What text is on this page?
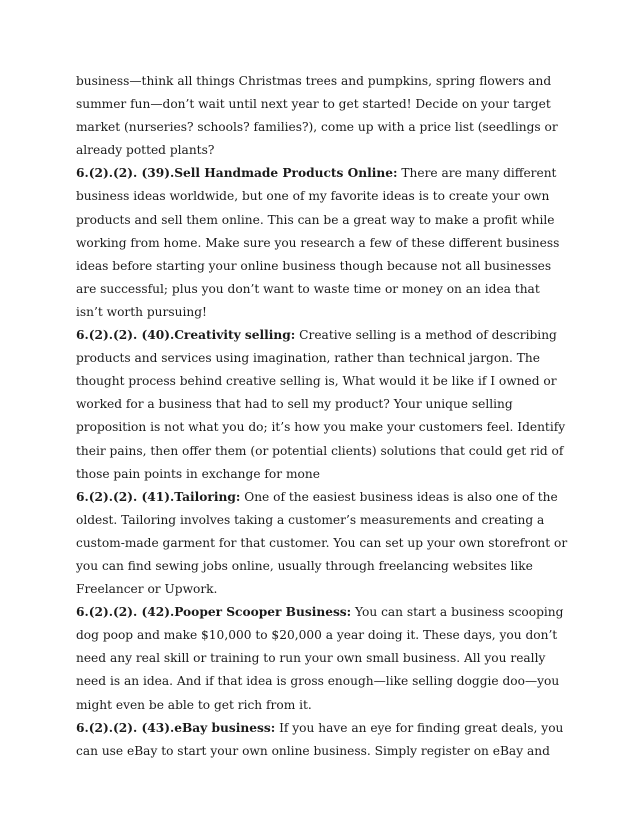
business—think all things Christmas trees and pumpkins, spring flowers and summer fun—don’t wait until next year to get started! Decide on your target market (nurseries? schools? families?), come up with a price list (seedlings or already potted plants?

6.(2).(2). (39).Sell Handmade Products Online: There are many different business ideas worldwide, but one of my favorite ideas is to create your own products and sell them online. This can be a great way to make a profit while working from home. Make sure you research a few of these different business ideas before starting your online business though because not all businesses are successful; plus you don’t want to waste time or money on an idea that isn’t worth pursuing!

6.(2).(2). (40).Creativity selling: Creative selling is a method of describing products and services using imagination, rather than technical jargon. The thought process behind creative selling is, What would it be like if I owned or worked for a business that had to sell my product? Your unique selling proposition is not what you do; it’s how you make your customers feel. Identify their pains, then offer them (or potential clients) solutions that could get rid of those pain points in exchange for mone

6.(2).(2). (41).Tailoring: One of the easiest business ideas is also one of the oldest. Tailoring involves taking a customer’s measurements and creating a custom-made garment for that customer. You can set up your own storefront or you can find sewing jobs online, usually through freelancing websites like Freelancer or Upwork.

6.(2).(2). (42).Pooper Scooper Business: You can start a business scooping dog poop and make $10,000 to $20,000 a year doing it. These days, you don’t need any real skill or training to run your own small business. All you really need is an idea. And if that idea is gross enough—like selling doggie doo—you might even be able to get rich from it.

6.(2).(2). (43).eBay business: If you have an eye for finding great deals, you can use eBay to start your own online business. Simply register on eBay and
